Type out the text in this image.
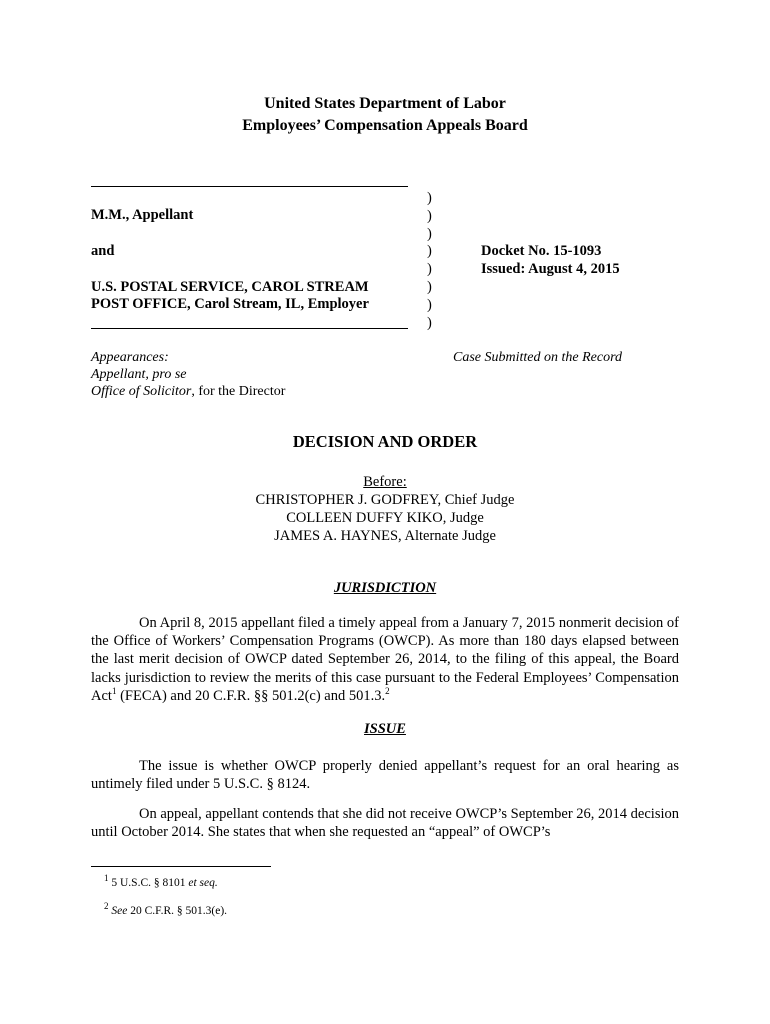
United States Department of Labor
Employees’ Compensation Appeals Board
M.M., Appellant
and
U.S. POSTAL SERVICE, CAROL STREAM
POST OFFICE, Carol Stream, IL, Employer
)
)
)
)
)
)
)
)
Docket No. 15-1093
Issued: August 4, 2015
Appearances:
Appellant, pro se
Office of Solicitor, for the Director
Case Submitted on the Record
DECISION AND ORDER
Before:
CHRISTOPHER J. GODFREY, Chief Judge
COLLEEN DUFFY KIKO, Judge
JAMES A. HAYNES, Alternate Judge
JURISDICTION
On April 8, 2015 appellant filed a timely appeal from a January 7, 2015 nonmerit decision of the Office of Workers’ Compensation Programs (OWCP). As more than 180 days elapsed between the last merit decision of OWCP dated September 26, 2014, to the filing of this appeal, the Board lacks jurisdiction to review the merits of this case pursuant to the Federal Employees’ Compensation Act$^1$ (FECA) and 20 C.F.R. §§ 501.2(c) and 501.3.$^2$
ISSUE
The issue is whether OWCP properly denied appellant’s request for an oral hearing as untimely filed under 5 U.S.C. § 8124.
On appeal, appellant contends that she did not receive OWCP’s September 26, 2014 decision until October 2014. She states that when she requested an “appeal” of OWCP’s
$^1$ 5 U.S.C. § 8101 et seq.
$^2$ See 20 C.F.R. § 501.3(e).
